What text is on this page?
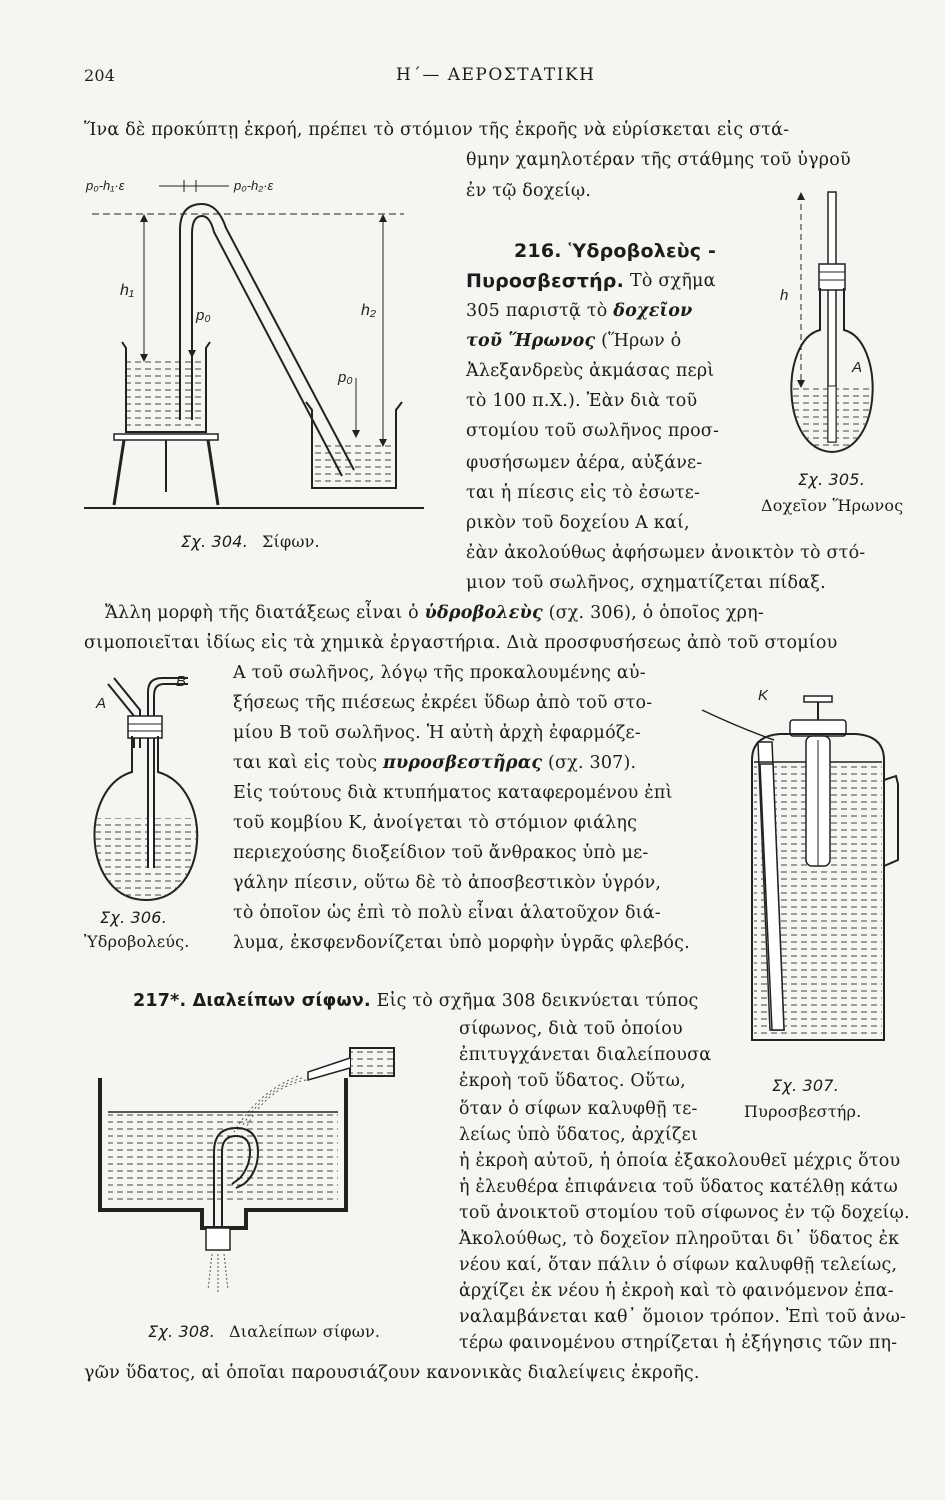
204	Η΄— ΑΕΡΟΣΤΑΤΙΚΗ
Ἵνα δὲ προκύπτῃ ἐκροή, πρέπει τὸ στόμιον τῆς ἐκροῆς νὰ εὑρίσκεται εἰς στά-
θμην χαμηλοτέραν τῆς στάθμης τοῦ ὑγροῦ
ἐν τῷ δοχείῳ.
p₀-h₁·ε	p₀-h₂·ε
h₁
h₂
p₀
p₀
Σχ. 304. Σίφων.
216. Ὑδροβολεὺς -
Πυροσβεστήρ. Τὸ σχῆμα
305 παριστᾷ τὸ δοχεῖον
τοῦ Ἥρωνος (Ἥρων ὁ
Ἀλεξανδρεὺς ἀκμάσας περὶ
τὸ 100 π.Χ.). Ἐὰν διὰ τοῦ
στομίου τοῦ σωλῆνος προσ-
φυσήσωμεν ἀέρα, αὐξάνε-
ται ἡ πίεσις εἰς τὸ ἐσωτε-
ρικὸν τοῦ δοχείου Α καί,
ἐὰν ἀκολούθως ἀφήσωμεν ἀνοικτὸν τὸ στό-
μιον τοῦ σωλῆνος, σχηματίζεται πίδαξ.
h
A
Σχ. 305.
Δοχεῖον Ἥρωνος
Ἄλλη μορφὴ τῆς διατάξεως εἶναι ὁ ὑδροβολεὺς (σχ. 306), ὁ ὁποῖος χρη-
σιμοποιεῖται ἰδίως εἰς τὰ χημικὰ ἐργαστήρια. Διὰ προσφυσήσεως ἀπὸ τοῦ στομίου
Α τοῦ σωλῆνος, λόγῳ τῆς προκαλουμένης αὐ-
ξήσεως τῆς πιέσεως ἐκρέει ὕδωρ ἀπὸ τοῦ στο-
μίου Β τοῦ σωλῆνος. Ἡ αὐτὴ ἀρχὴ ἐφαρμόζε-
ται καὶ εἰς τοὺς πυροσβεστῆρας (σχ. 307).
Εἰς τούτους διὰ κτυπήματος καταφερομένου ἐπὶ
τοῦ κομβίου Κ, ἀνοίγεται τὸ στόμιον φιάλης
περιεχούσης διοξείδιον τοῦ ἄνθρακος ὑπὸ με-
γάλην πίεσιν, οὕτω δὲ τὸ ἀποσβεστικὸν ὑγρόν,
τὸ ὁποῖον ὡς ἐπὶ τὸ πολὺ εἶναι ἁλατοῦχον διά-
λυμα, ἐκσφενδονίζεται ὑπὸ μορφὴν ὑγρᾶς φλεβός.
A
B
Σχ. 306.
Ὑδροβολεύς.
K
Σχ. 307.
Πυροσβεστήρ.
217*. Διαλείπων σίφων. Εἰς τὸ σχῆμα 308 δεικνύεται τύπος
σίφωνος, διὰ τοῦ ὁποίου
ἐπιτυγχάνεται διαλείπουσα
ἐκροὴ τοῦ ὕδατος. Οὕτω,
ὅταν ὁ σίφων καλυφθῇ τε-
λείως ὑπὸ ὕδατος, ἀρχίζει
ἡ ἐκροὴ αὐτοῦ, ἡ ὁποία ἐξακολουθεῖ μέχρις ὅτου
ἡ ἐλευθέρα ἐπιφάνεια τοῦ ὕδατος κατέλθῃ κάτω
τοῦ ἀνοικτοῦ στομίου τοῦ σίφωνος ἐν τῷ δοχείῳ.
Ἀκολούθως, τὸ δοχεῖον πληροῦται δι᾽ ὕδατος ἐκ
νέου καί, ὅταν πάλιν ὁ σίφων καλυφθῇ τελείως,
ἀρχίζει ἐκ νέου ἡ ἐκροὴ καὶ τὸ φαινόμενον ἐπα-
ναλαμβάνεται καθ᾽ ὅμοιον τρόπον. Ἐπὶ τοῦ ἀνω-
τέρω φαινομένου στηρίζεται ἡ ἐξήγησις τῶν πη-
γῶν ὕδατος, αἱ ὁποῖαι παρουσιάζουν κανονικὰς διαλείψεις ἐκροῆς.
Σχ. 308. Διαλείπων σίφων.
